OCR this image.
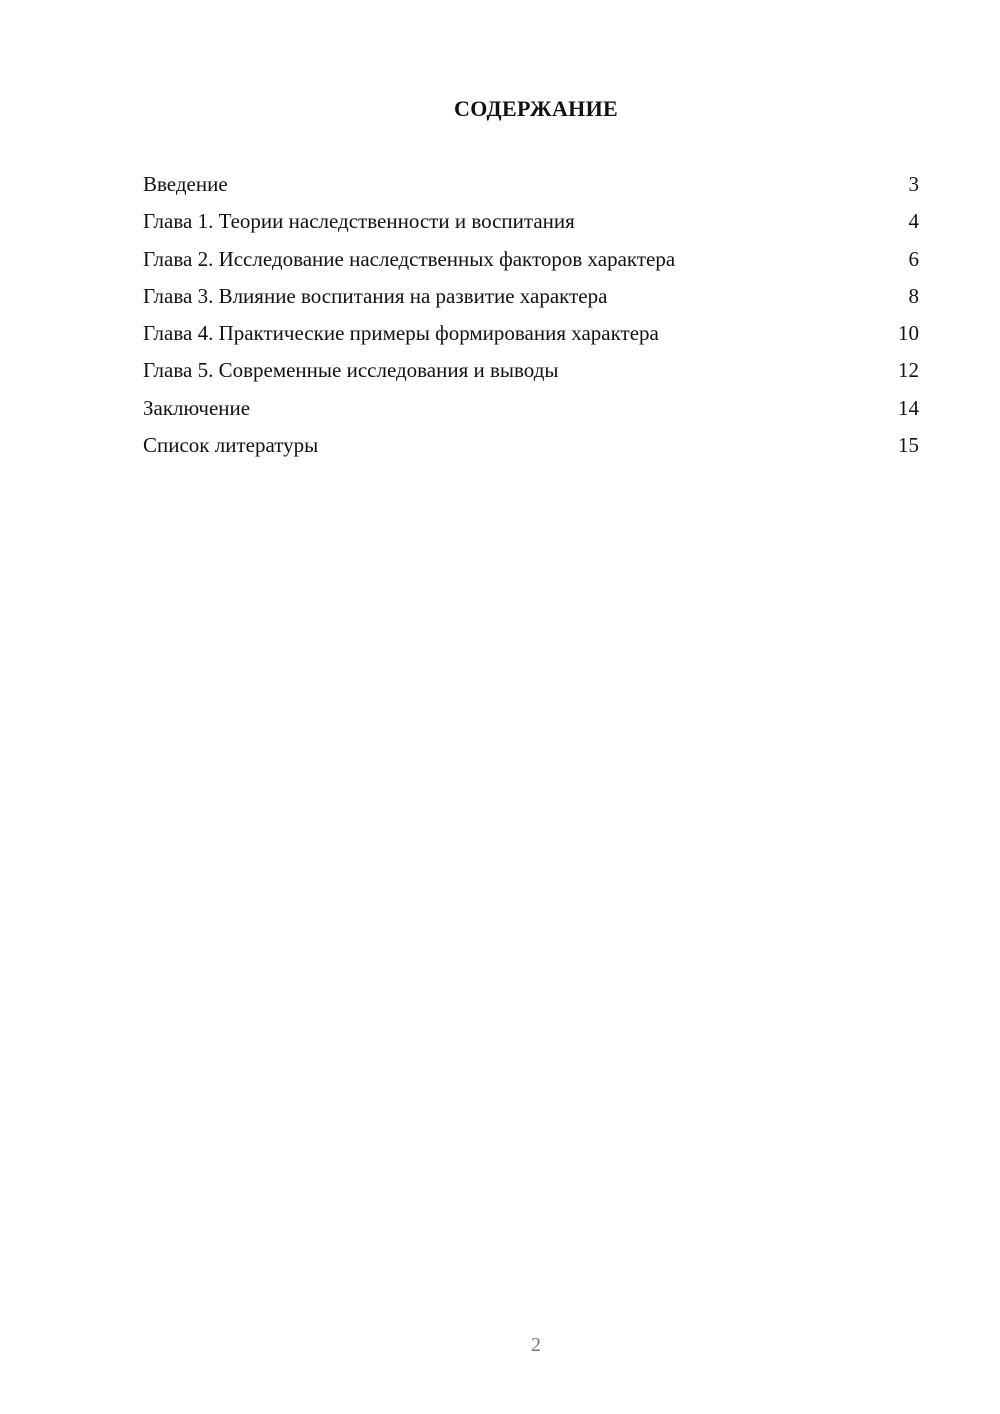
СОДЕРЖАНИЕ
Введение	3
Глава 1. Теории наследственности и воспитания	4
Глава 2. Исследование наследственных факторов характера	6
Глава 3. Влияние воспитания на развитие характера	8
Глава 4. Практические примеры формирования характера	10
Глава 5. Современные исследования и выводы	12
Заключение	14
Список литературы	15
2
